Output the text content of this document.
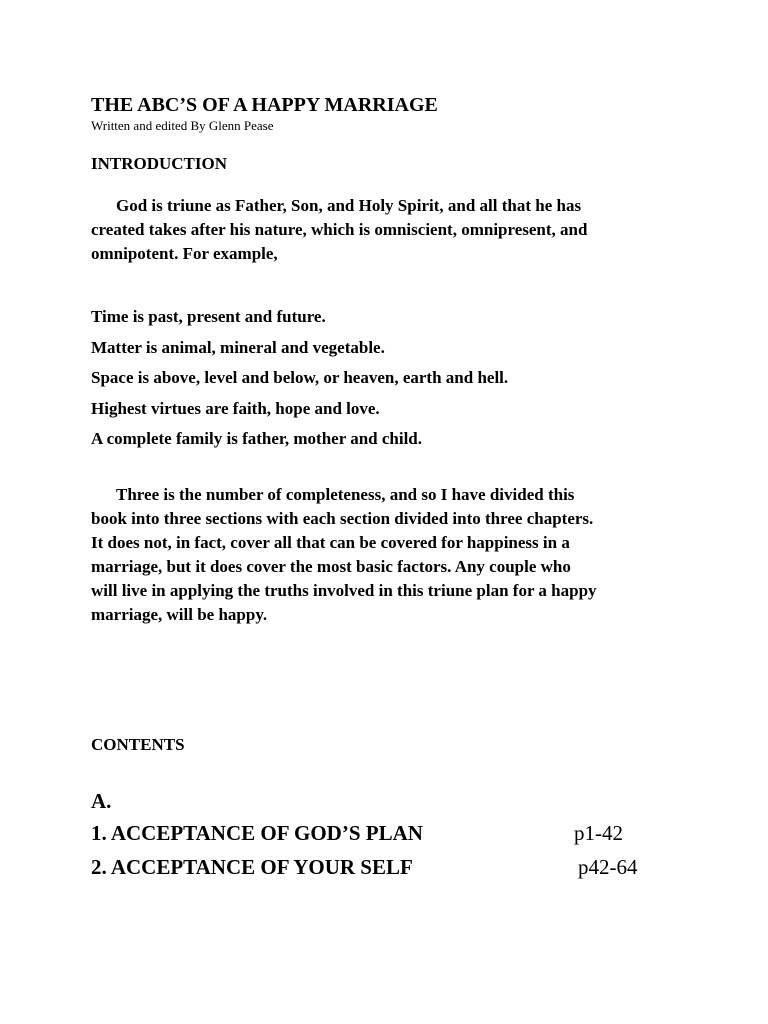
THE ABC’S OF A HAPPY MARRIAGE
Written and edited By Glenn Pease
INTRODUCTION

God is triune as Father, Son, and Holy Spirit, and all that he has
created takes after his nature, which is omniscient, omnipresent, and
omnipotent. For example,

Time is past, present and future.
Matter is animal, mineral and vegetable.
Space is above, level and below, or heaven, earth and hell.
Highest virtues are faith, hope and love.
A complete family is father, mother and child.

Three is the number of completeness, and so I have divided this
book into three sections with each section divided into three chapters.
It does not, in fact, cover all that can be covered for happiness in a
marriage, but it does cover the most basic factors. Any couple who
will live in applying the truths involved in this triune plan for a happy
marriage, will be happy.

CONTENTS
A.
1. ACCEPTANCE OF GOD’S PLAN	p1-42
2. ACCEPTANCE OF YOUR SELF	p42-64
